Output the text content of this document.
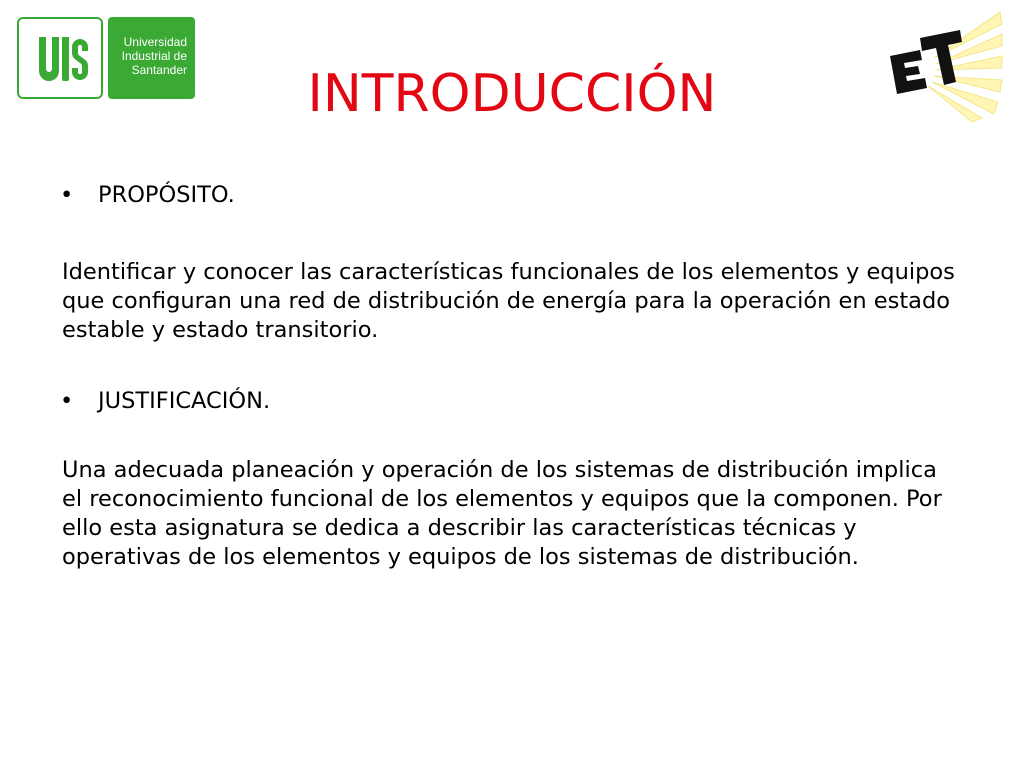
Universidad
Industrial de
Santander	INTRODUCCIÓN
• PROPÓSITO.

Identificar y conocer las características funcionales de los elementos y equipos que configuran una red de distribución de energía para la operación en estado estable y estado transitorio.

• JUSTIFICACIÓN.

Una adecuada planeación y operación de los sistemas de distribución implica el reconocimiento funcional de los elementos y equipos que la componen. Por ello esta asignatura se dedica a describir las características técnicas y operativas de los elementos y equipos de los sistemas de distribución.
